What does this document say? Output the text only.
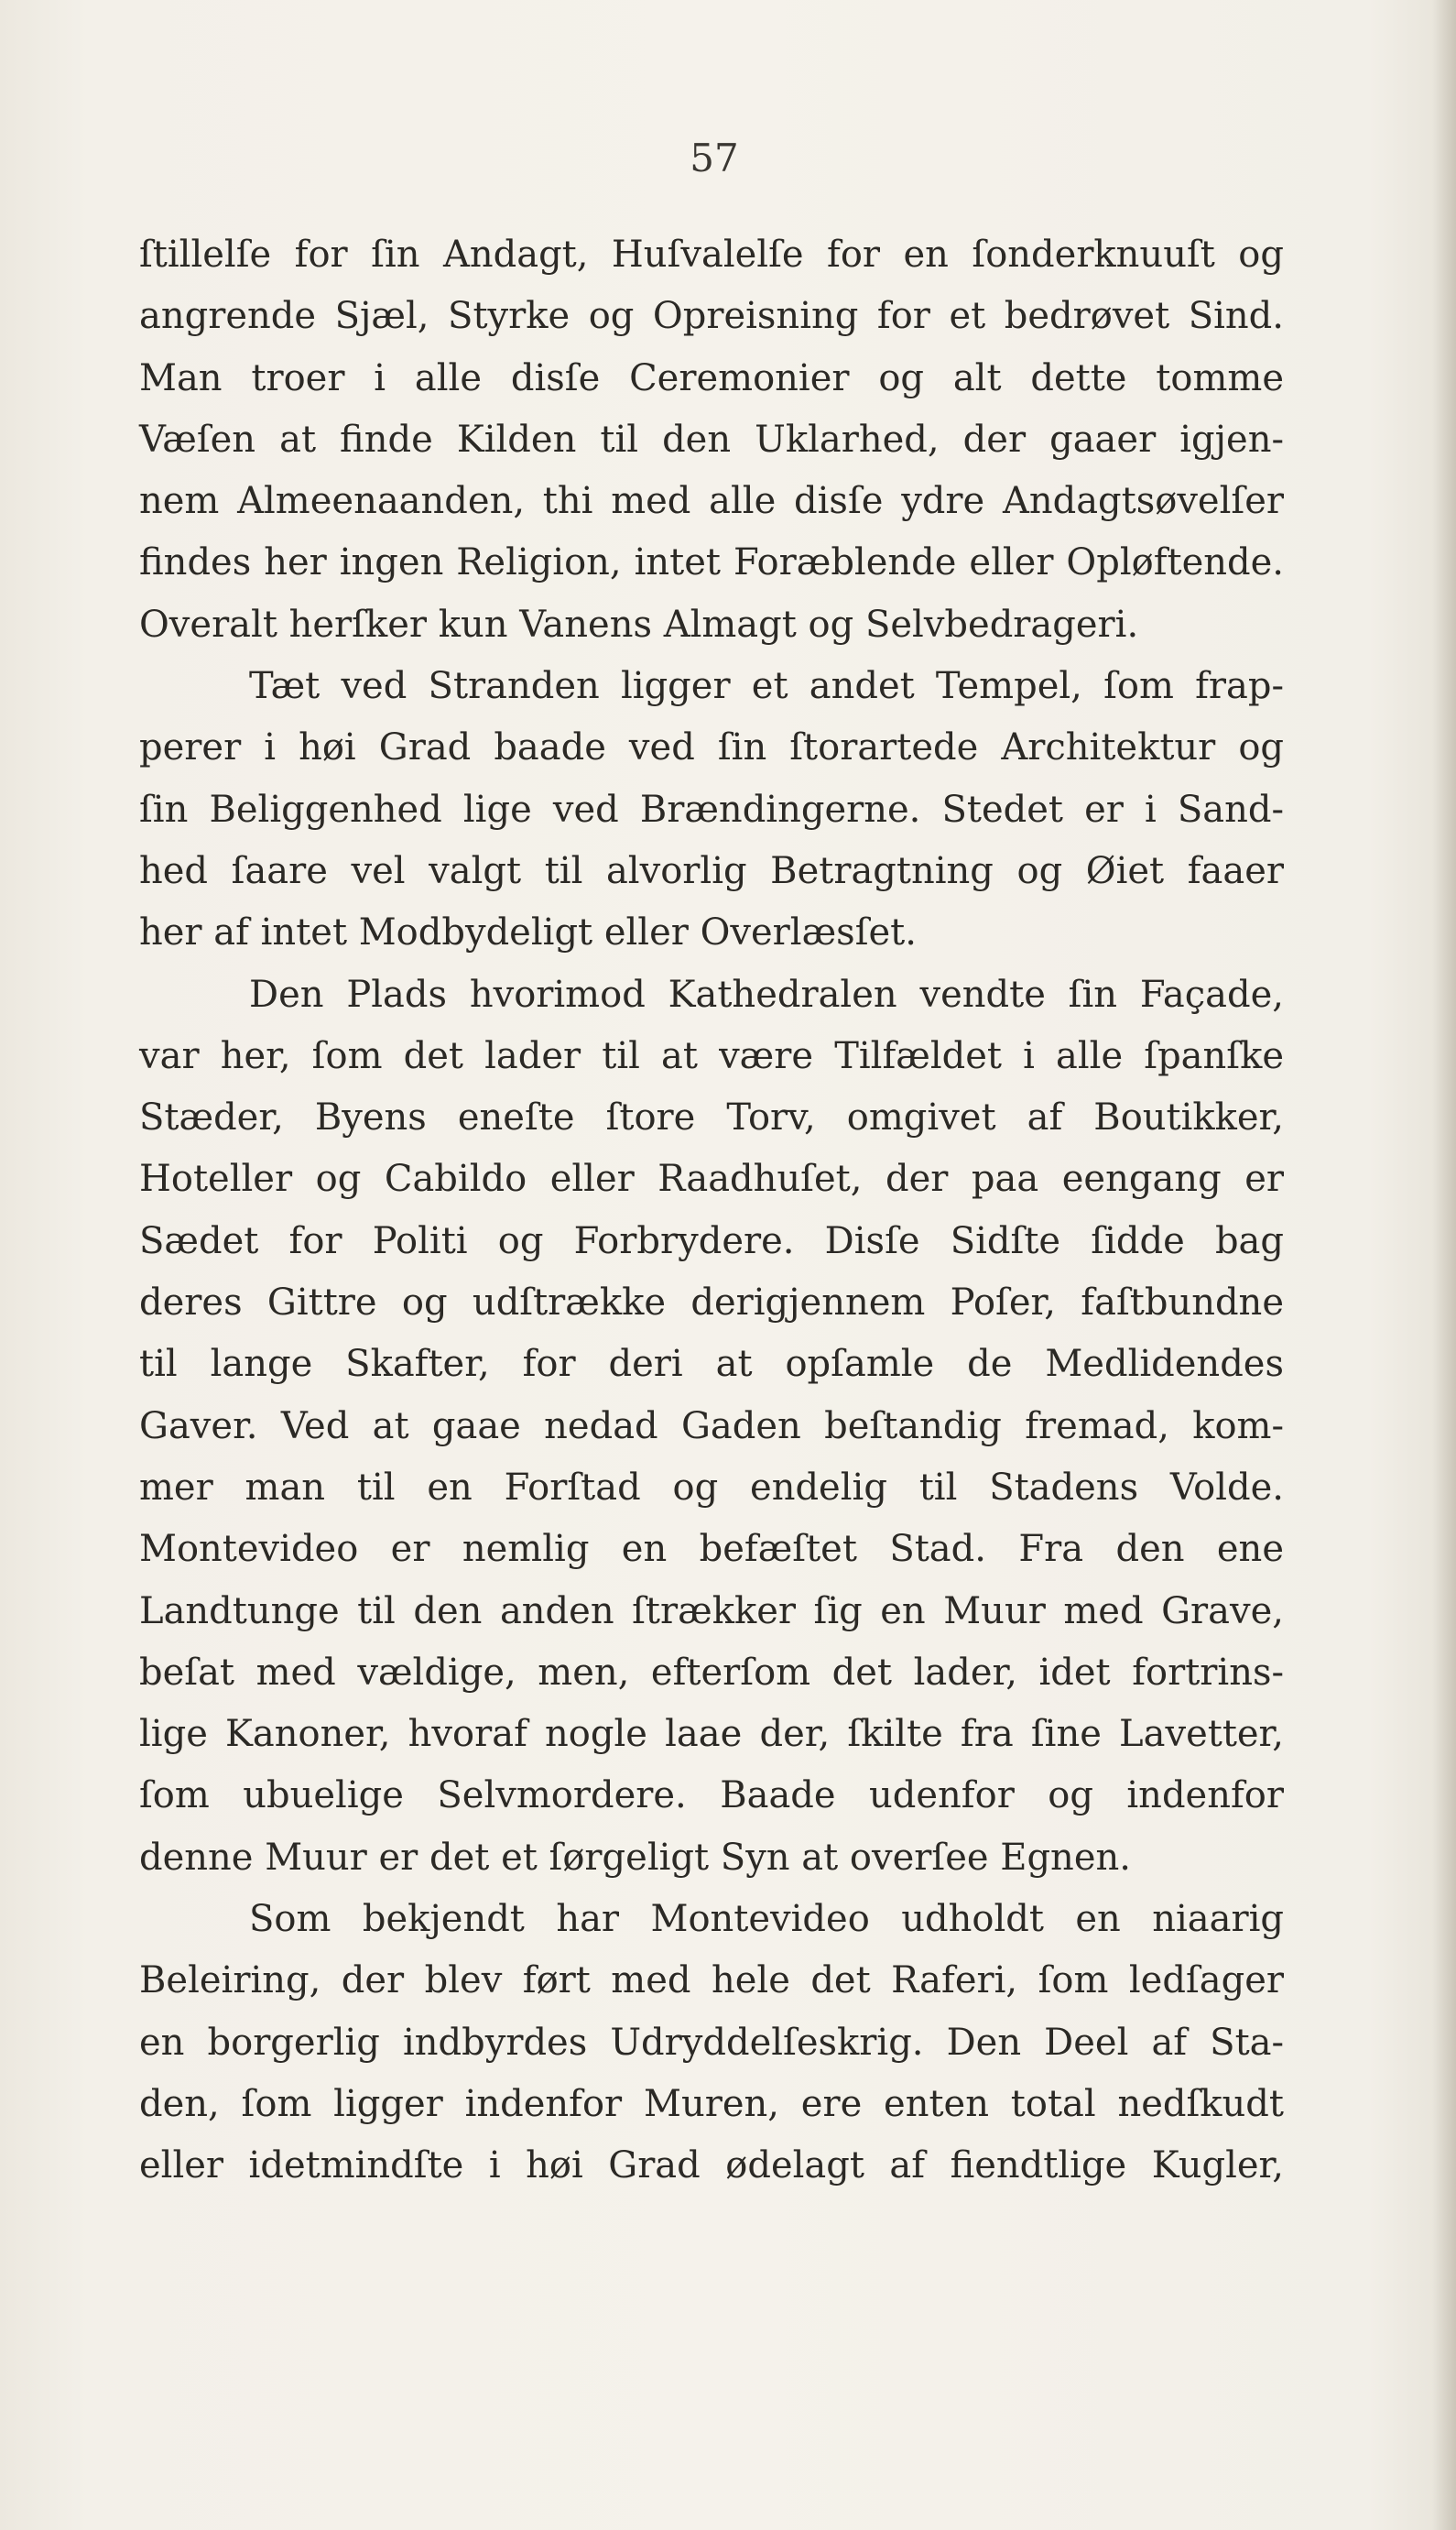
57
ſtillelſe for ſin Andagt, Huſvalelſe for en ſonderknuuſt og
angrende Sjæl, Styrke og Opreisning for et bedrøvet Sind.
Man troer i alle disſe Ceremonier og alt dette tomme
Væſen at finde Kilden til den Uklarhed, der gaaer igjen-
nem Almeenaanden, thi med alle disſe ydre Andagtsøvelſer
findes her ingen Religion, intet Foræblende eller Opløftende.
Overalt herſker kun Vanens Almagt og Selvbedrageri.
Tæt ved Stranden ligger et andet Tempel, ſom frap-
perer i høi Grad baade ved ſin ſtorartede Architektur og
ſin Beliggenhed lige ved Brændingerne. Stedet er i Sand-
hed ſaare vel valgt til alvorlig Betragtning og Øiet faaer
her af intet Modbydeligt eller Overlæsſet.
Den Plads hvorimod Kathedralen vendte ſin Façade,
var her, ſom det lader til at være Tilfældet i alle ſpanſke
Stæder, Byens eneſte ſtore Torv, omgivet af Boutikker,
Hoteller og Cabildo eller Raadhuſet, der paa eengang er
Sædet for Politi og Forbrydere. Disſe Sidſte ſidde bag
deres Gittre og udſtrække derigjennem Poſer, faſtbundne
til lange Skafter, for deri at opſamle de Medlidendes
Gaver. Ved at gaae nedad Gaden beſtandig fremad, kom-
mer man til en Forſtad og endelig til Stadens Volde.
Montevideo er nemlig en befæſtet Stad. Fra den ene
Landtunge til den anden ſtrækker ſig en Muur med Grave,
beſat med vældige, men, efterſom det lader, idet fortrins-
lige Kanoner, hvoraf nogle laae der, ſkilte fra ſine Lavetter,
ſom ubuelige Selvmordere. Baade udenfor og indenfor
denne Muur er det et ſørgeligt Syn at overſee Egnen.
Som bekjendt har Montevideo udholdt en niaarig
Beleiring, der blev ført med hele det Raferi, ſom ledſager
en borgerlig indbyrdes Udryddelſeskrig. Den Deel af Sta-
den, ſom ligger indenfor Muren, ere enten total nedſkudt
eller idetmindſte i høi Grad ødelagt af fiendtlige Kugler,
